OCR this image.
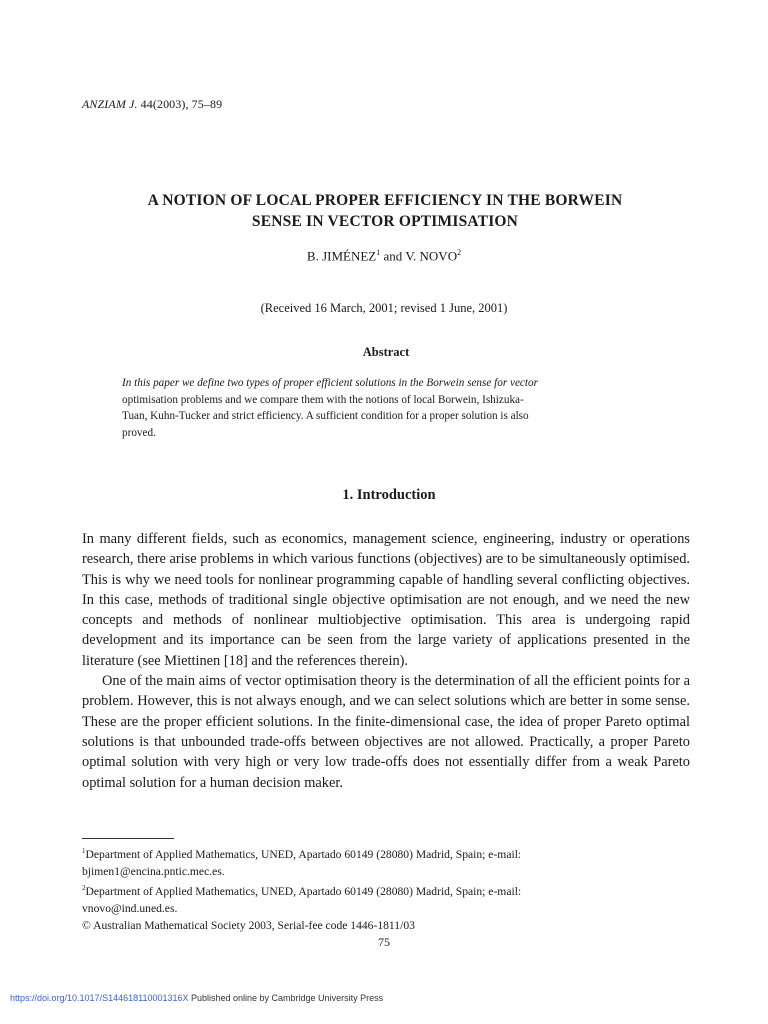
ANZIAM J. 44(2003), 75–89
A NOTION OF LOCAL PROPER EFFICIENCY IN THE BORWEIN
SENSE IN VECTOR OPTIMISATION
B. JIMÉNEZ$^1$ and V. NOVO$^2$
(Received 16 March, 2001; revised 1 June, 2001)
Abstract
In this paper we define two types of proper efficient solutions in the Borwein sense for vector
optimisation problems and we compare them with the notions of local Borwein, Ishizuka-
Tuan, Kuhn-Tucker and strict efficiency. A sufficient condition for a proper solution is also
proved.
1. Introduction

In many different fields, such as economics, management science, engineering, industry or operations research, there arise problems in which various functions (objectives) are to be simultaneously optimised. This is why we need tools for nonlinear programming capable of handling several conflicting objectives. In this case, methods of traditional single objective optimisation are not enough, and we need the new concepts and methods of nonlinear multiobjective optimisation. This area is undergoing rapid development and its importance can be seen from the large variety of applications presented in the literature (see Miettinen [18] and the references therein).

One of the main aims of vector optimisation theory is the determination of all the efficient points for a problem. However, this is not always enough, and we can select solutions which are better in some sense. These are the proper efficient solutions. In the finite-dimensional case, the idea of proper Pareto optimal solutions is that unbounded trade-offs between objectives are not allowed. Practically, a proper Pareto optimal solution with very high or very low trade-offs does not essentially differ from a weak Pareto optimal solution for a human decision maker.

$^1$Department of Applied Mathematics, UNED, Apartado 60149 (28080) Madrid, Spain; e-mail:
bjimen1@encina.pntic.mec.es.
$^2$Department of Applied Mathematics, UNED, Apartado 60149 (28080) Madrid, Spain; e-mail:
vnovo@ind.uned.es.
© Australian Mathematical Society 2003, Serial-fee code 1446-1811/03
75
https://doi.org/10.1017/S144618110001316X Published online by Cambridge University Press
